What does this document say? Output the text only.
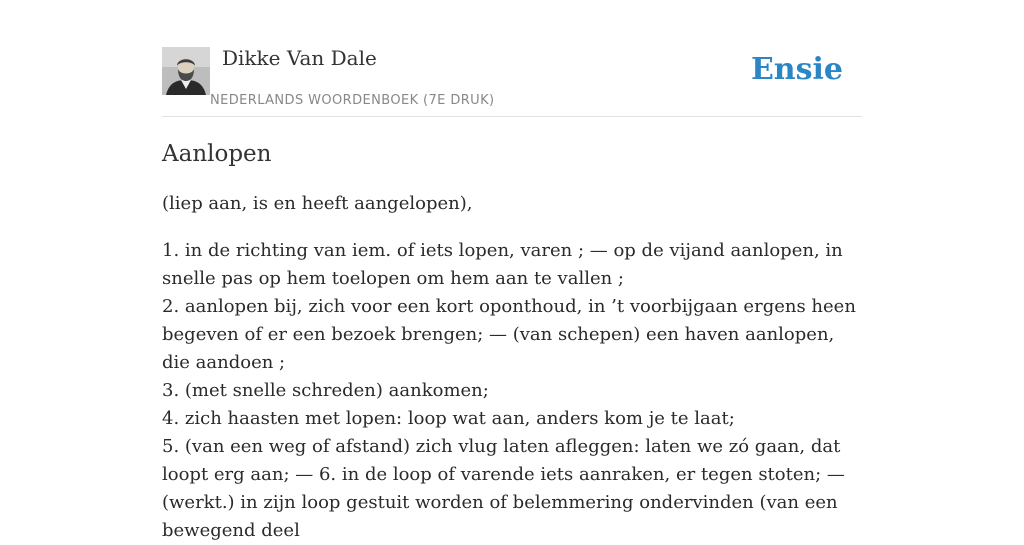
Dikke Van Dale
NEDERLANDS WOORDENBOEK (7E DRUK)
Ensie
Aanlopen

(liep aan, is en heeft aangelopen),

1. in de richting van iem. of iets lopen, varen ; — op de vijand aanlopen, in snelle pas op hem toelopen om hem aan te vallen ;
2. aanlopen bij, zich voor een kort oponthoud, in ’t voorbijgaan ergens heen begeven of er een bezoek brengen; — (van schepen) een haven aanlopen, die aandoen ;
3. (met snelle schreden) aankomen;
4. zich haasten met lopen: loop wat aan, anders kom je te laat;
5. (van een weg of afstand) zich vlug laten afleggen: laten we zó gaan, dat loopt erg aan; — 6. in de loop of varende iets aanraken, er tegen stoten; — (werkt.) in zijn loop gestuit worden of belemmering ondervinden (van een bewegend deel
